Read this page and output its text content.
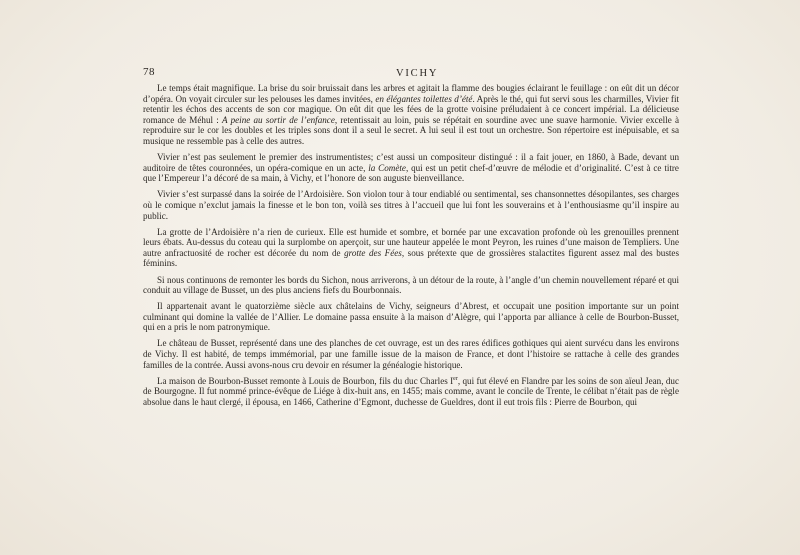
78	VICHY

Le temps était magnifique. La brise du soir bruissait dans les arbres et agitait la flamme des bougies éclairant le feuillage : on eût dit un décor d’opéra. On voyait circuler sur les pelouses les dames invitées, en élégantes toilettes d’été. Après le thé, qui fut servi sous les charmilles, Vivier fit retentir les échos des accents de son cor magique. On eût dit que les fées de la grotte voisine préludaient à ce concert impérial. La délicieuse romance de Méhul : A peine au sortir de l’enfance, retentissait au loin, puis se répétait en sourdine avec une suave harmonie. Vivier excelle à reproduire sur le cor les doubles et les triples sons dont il a seul le secret. A lui seul il est tout un orchestre. Son répertoire est inépuisable, et sa musique ne ressemble pas à celle des autres.

Vivier n’est pas seulement le premier des instrumentistes; c’est aussi un compositeur distingué : il a fait jouer, en 1860, à Bade, devant un auditoire de têtes couronnées, un opéra-comique en un acte, la Comète, qui est un petit chef-d’œuvre de mélodie et d’originalité. C’est à ce titre que l’Empereur l’a décoré de sa main, à Vichy, et l’honore de son auguste bienveillance.

Vivier s’est surpassé dans la soirée de l’Ardoisière. Son violon tour à tour endiablé ou sentimental, ses chansonnettes désopilantes, ses charges où le comique n’exclut jamais la finesse et le bon ton, voilà ses titres à l’accueil que lui font les souverains et à l’enthousiasme qu’il inspire au public.

La grotte de l’Ardoisière n’a rien de curieux. Elle est humide et sombre, et bornée par une excavation profonde où les grenouilles prennent leurs ébats. Au-dessus du coteau qui la surplombe on aperçoit, sur une hauteur appelée le mont Peyron, les ruines d’une maison de Templiers. Une autre anfractuosité de rocher est décorée du nom de grotte des Fées, sous prétexte que de grossières stalactites figurent assez mal des bustes féminins.

Si nous continuons de remonter les bords du Sichon, nous arriverons, à un détour de la route, à l’angle d’un chemin nouvellement réparé et qui conduit au village de Busset, un des plus anciens fiefs du Bourbonnais.

Il appartenait avant le quatorzième siècle aux châtelains de Vichy, seigneurs d’Abrest, et occupait une position importante sur un point culminant qui domine la vallée de l’Allier. Le domaine passa ensuite à la maison d’Alègre, qui l’apporta par alliance à celle de Bourbon-Busset, qui en a pris le nom patronymique.

Le château de Busset, représenté dans une des planches de cet ouvrage, est un des rares édifices gothiques qui aient survécu dans les environs de Vichy. Il est habité, de temps immémorial, par une famille issue de la maison de France, et dont l’histoire se rattache à celle des grandes familles de la contrée. Aussi avons-nous cru devoir en résumer la généalogie historique.

La maison de Bourbon-Busset remonte à Louis de Bourbon, fils du duc Charles Ier, qui fut élevé en Flandre par les soins de son aïeul Jean, duc de Bourgogne. Il fut nommé prince-évêque de Liége à dix-huit ans, en 1455; mais comme, avant le concile de Trente, le célibat n’était pas de règle absolue dans le haut clergé, il épousa, en 1466, Catherine d’Egmont, duchesse de Gueldres, dont il eut trois fils : Pierre de Bourbon, qui
